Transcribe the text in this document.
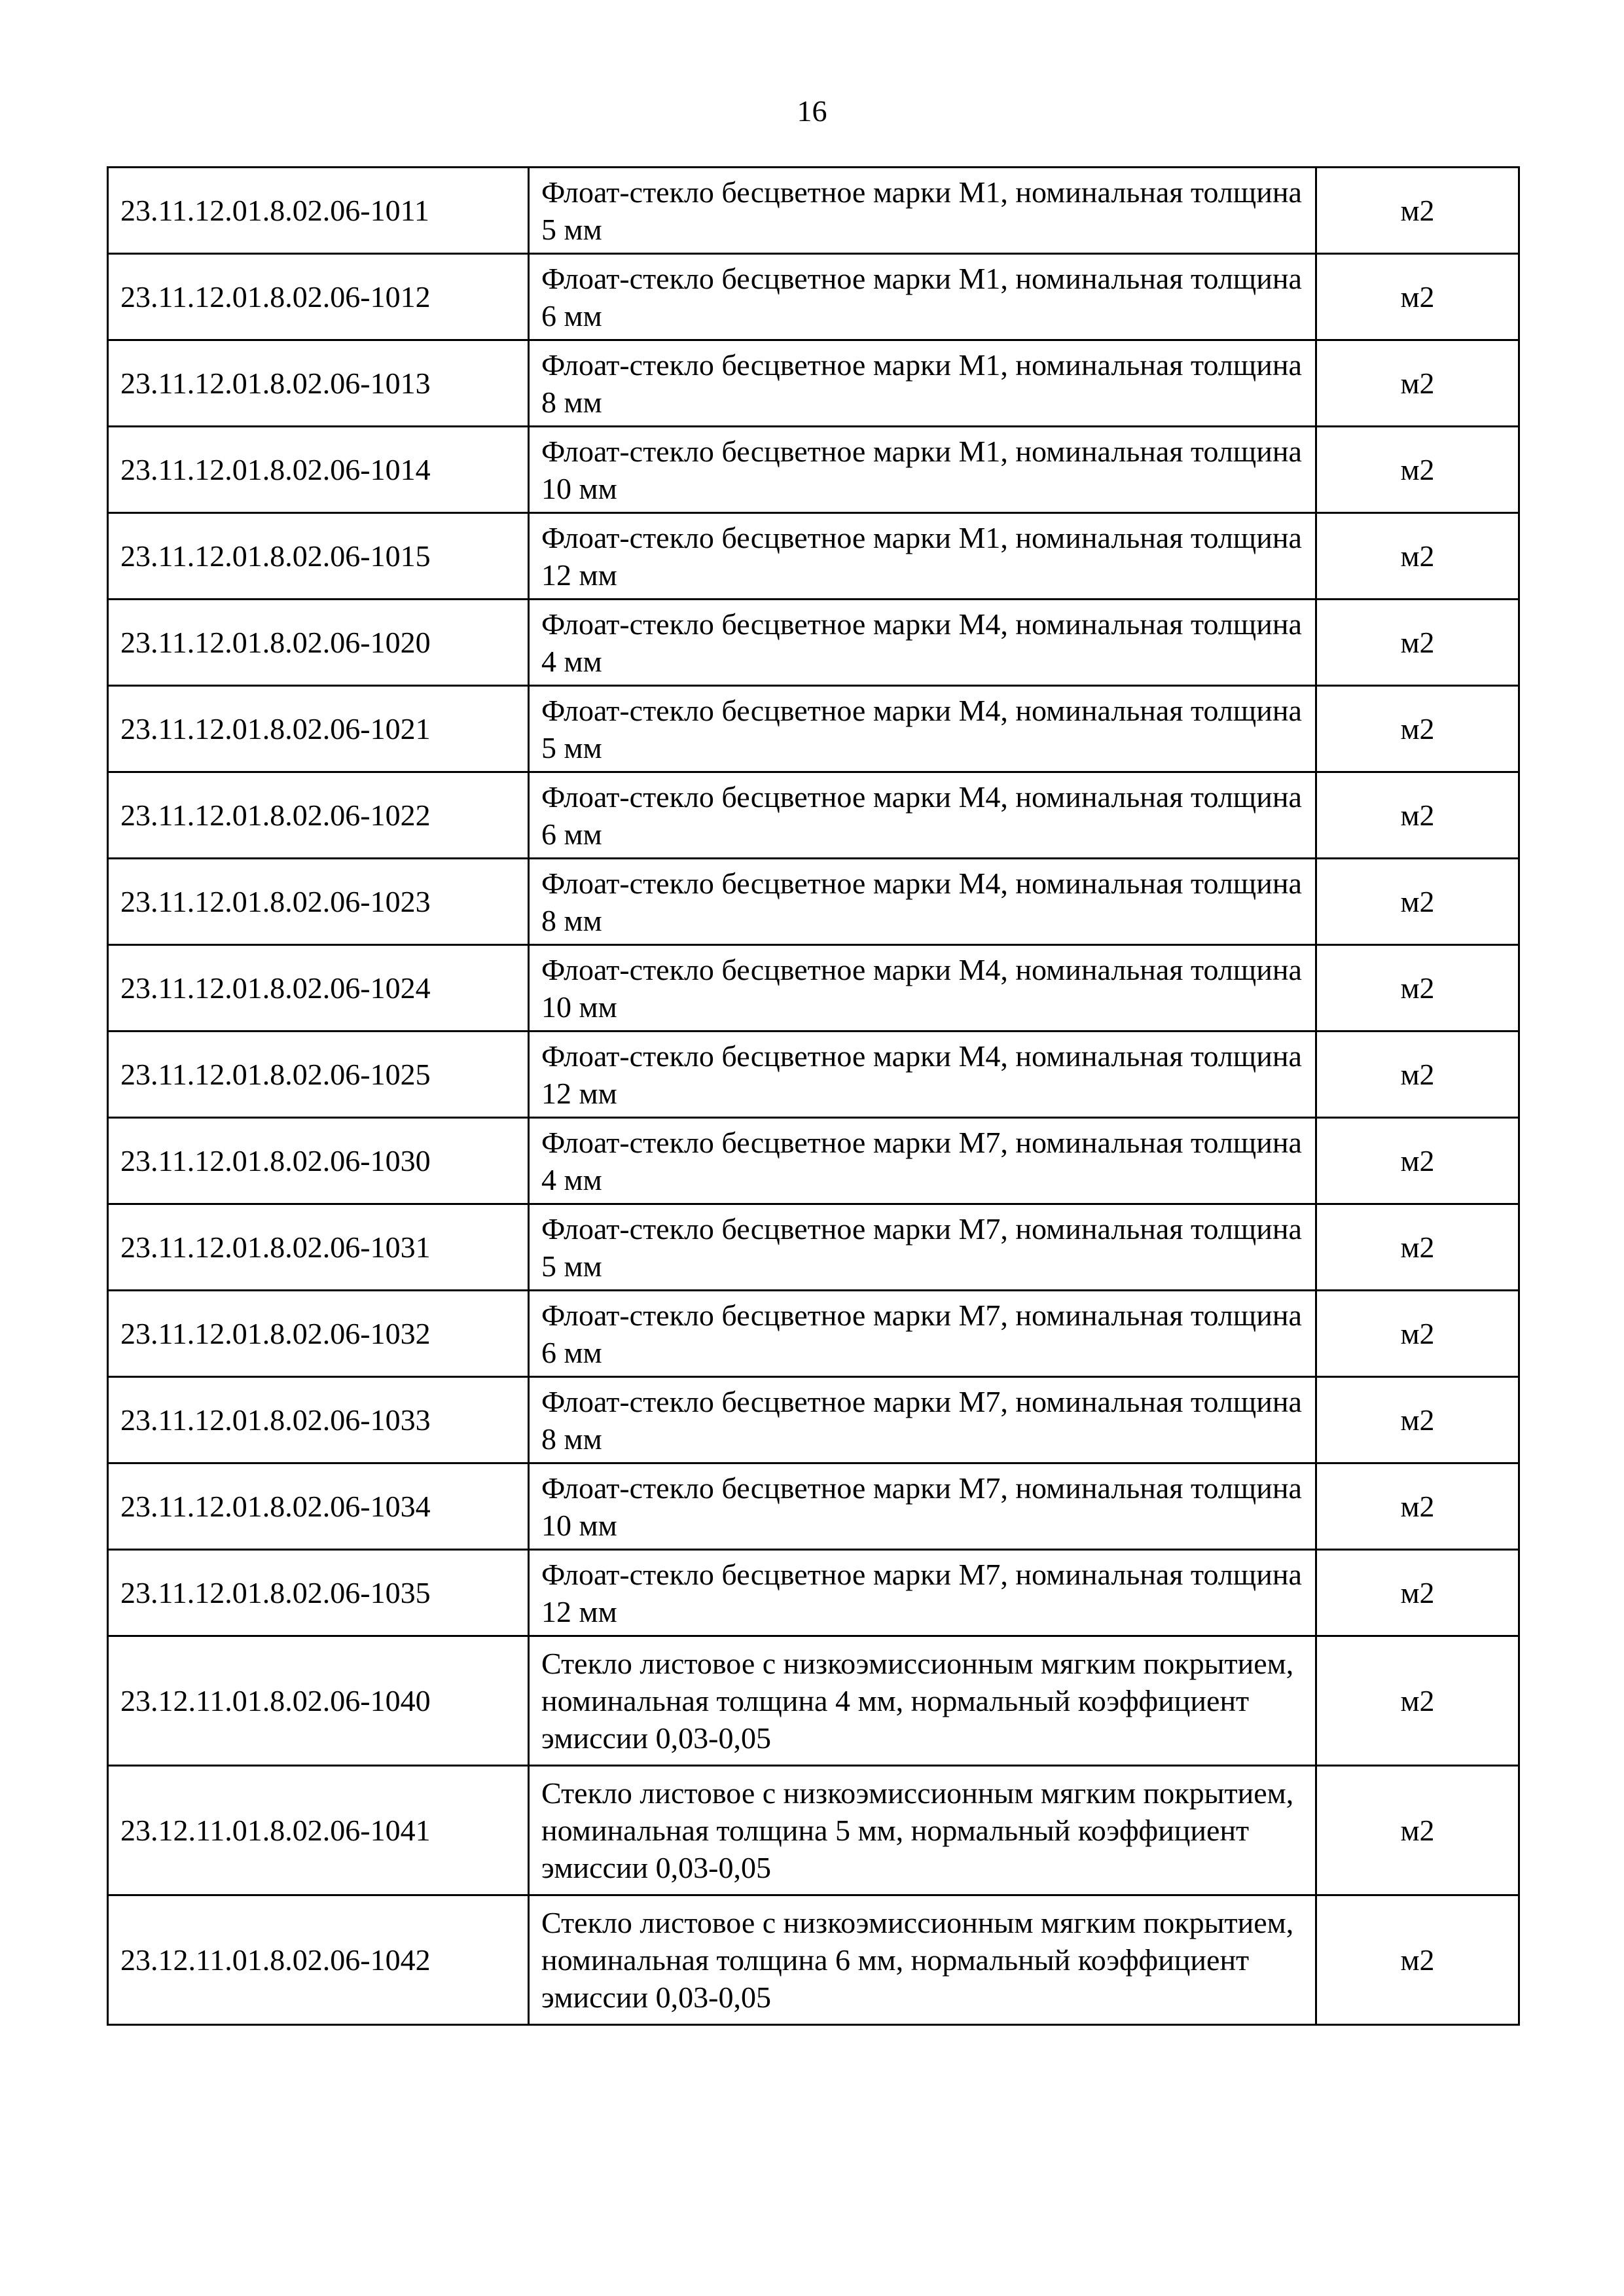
16
23.11.12.01.8.02.06-1011	Флоат-стекло бесцветное марки М1, номинальная толщина 5 мм	м2
23.11.12.01.8.02.06-1012	Флоат-стекло бесцветное марки М1, номинальная толщина 6 мм	м2
23.11.12.01.8.02.06-1013	Флоат-стекло бесцветное марки М1, номинальная толщина 8 мм	м2
23.11.12.01.8.02.06-1014	Флоат-стекло бесцветное марки М1, номинальная толщина 10 мм	м2
23.11.12.01.8.02.06-1015	Флоат-стекло бесцветное марки М1, номинальная толщина 12 мм	м2
23.11.12.01.8.02.06-1020	Флоат-стекло бесцветное марки М4, номинальная толщина 4 мм	м2
23.11.12.01.8.02.06-1021	Флоат-стекло бесцветное марки М4, номинальная толщина 5 мм	м2
23.11.12.01.8.02.06-1022	Флоат-стекло бесцветное марки М4, номинальная толщина 6 мм	м2
23.11.12.01.8.02.06-1023	Флоат-стекло бесцветное марки М4, номинальная толщина 8 мм	м2
23.11.12.01.8.02.06-1024	Флоат-стекло бесцветное марки М4, номинальная толщина 10 мм	м2
23.11.12.01.8.02.06-1025	Флоат-стекло бесцветное марки М4, номинальная толщина 12 мм	м2
23.11.12.01.8.02.06-1030	Флоат-стекло бесцветное марки М7, номинальная толщина 4 мм	м2
23.11.12.01.8.02.06-1031	Флоат-стекло бесцветное марки М7, номинальная толщина 5 мм	м2
23.11.12.01.8.02.06-1032	Флоат-стекло бесцветное марки М7, номинальная толщина 6 мм	м2
23.11.12.01.8.02.06-1033	Флоат-стекло бесцветное марки М7, номинальная толщина 8 мм	м2
23.11.12.01.8.02.06-1034	Флоат-стекло бесцветное марки М7, номинальная толщина 10 мм	м2
23.11.12.01.8.02.06-1035	Флоат-стекло бесцветное марки М7, номинальная толщина 12 мм	м2
23.12.11.01.8.02.06-1040	Стекло листовое с низкоэмиссионным мягким покрытием, номинальная толщина 4 мм, нормальный коэффициент эмиссии 0,03-0,05	м2
23.12.11.01.8.02.06-1041	Стекло листовое с низкоэмиссионным мягким покрытием, номинальная толщина 5 мм, нормальный коэффициент эмиссии 0,03-0,05	м2
23.12.11.01.8.02.06-1042	Стекло листовое с низкоэмиссионным мягким покрытием, номинальная толщина 6 мм, нормальный коэффициент эмиссии 0,03-0,05	м2
